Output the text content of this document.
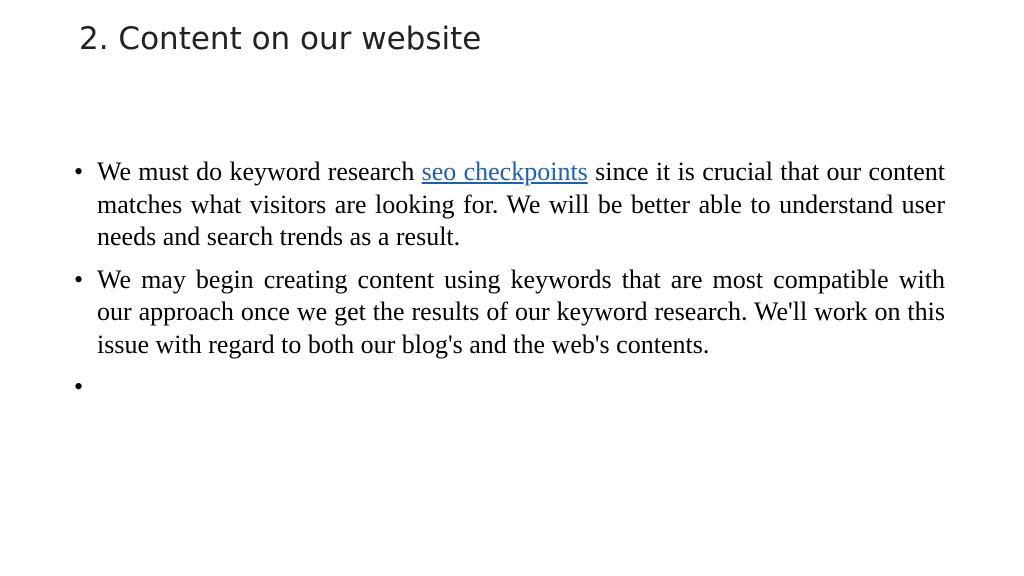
2. Content on our website
• We must do keyword research seo checkpoints since it is crucial that our content matches what visitors are looking for. We will be better able to understand user needs and search trends as a result.
• We may begin creating content using keywords that are most compatible with our approach once we get the results of our keyword research. We'll work on this issue with regard to both our blog's and the web's contents.
•
